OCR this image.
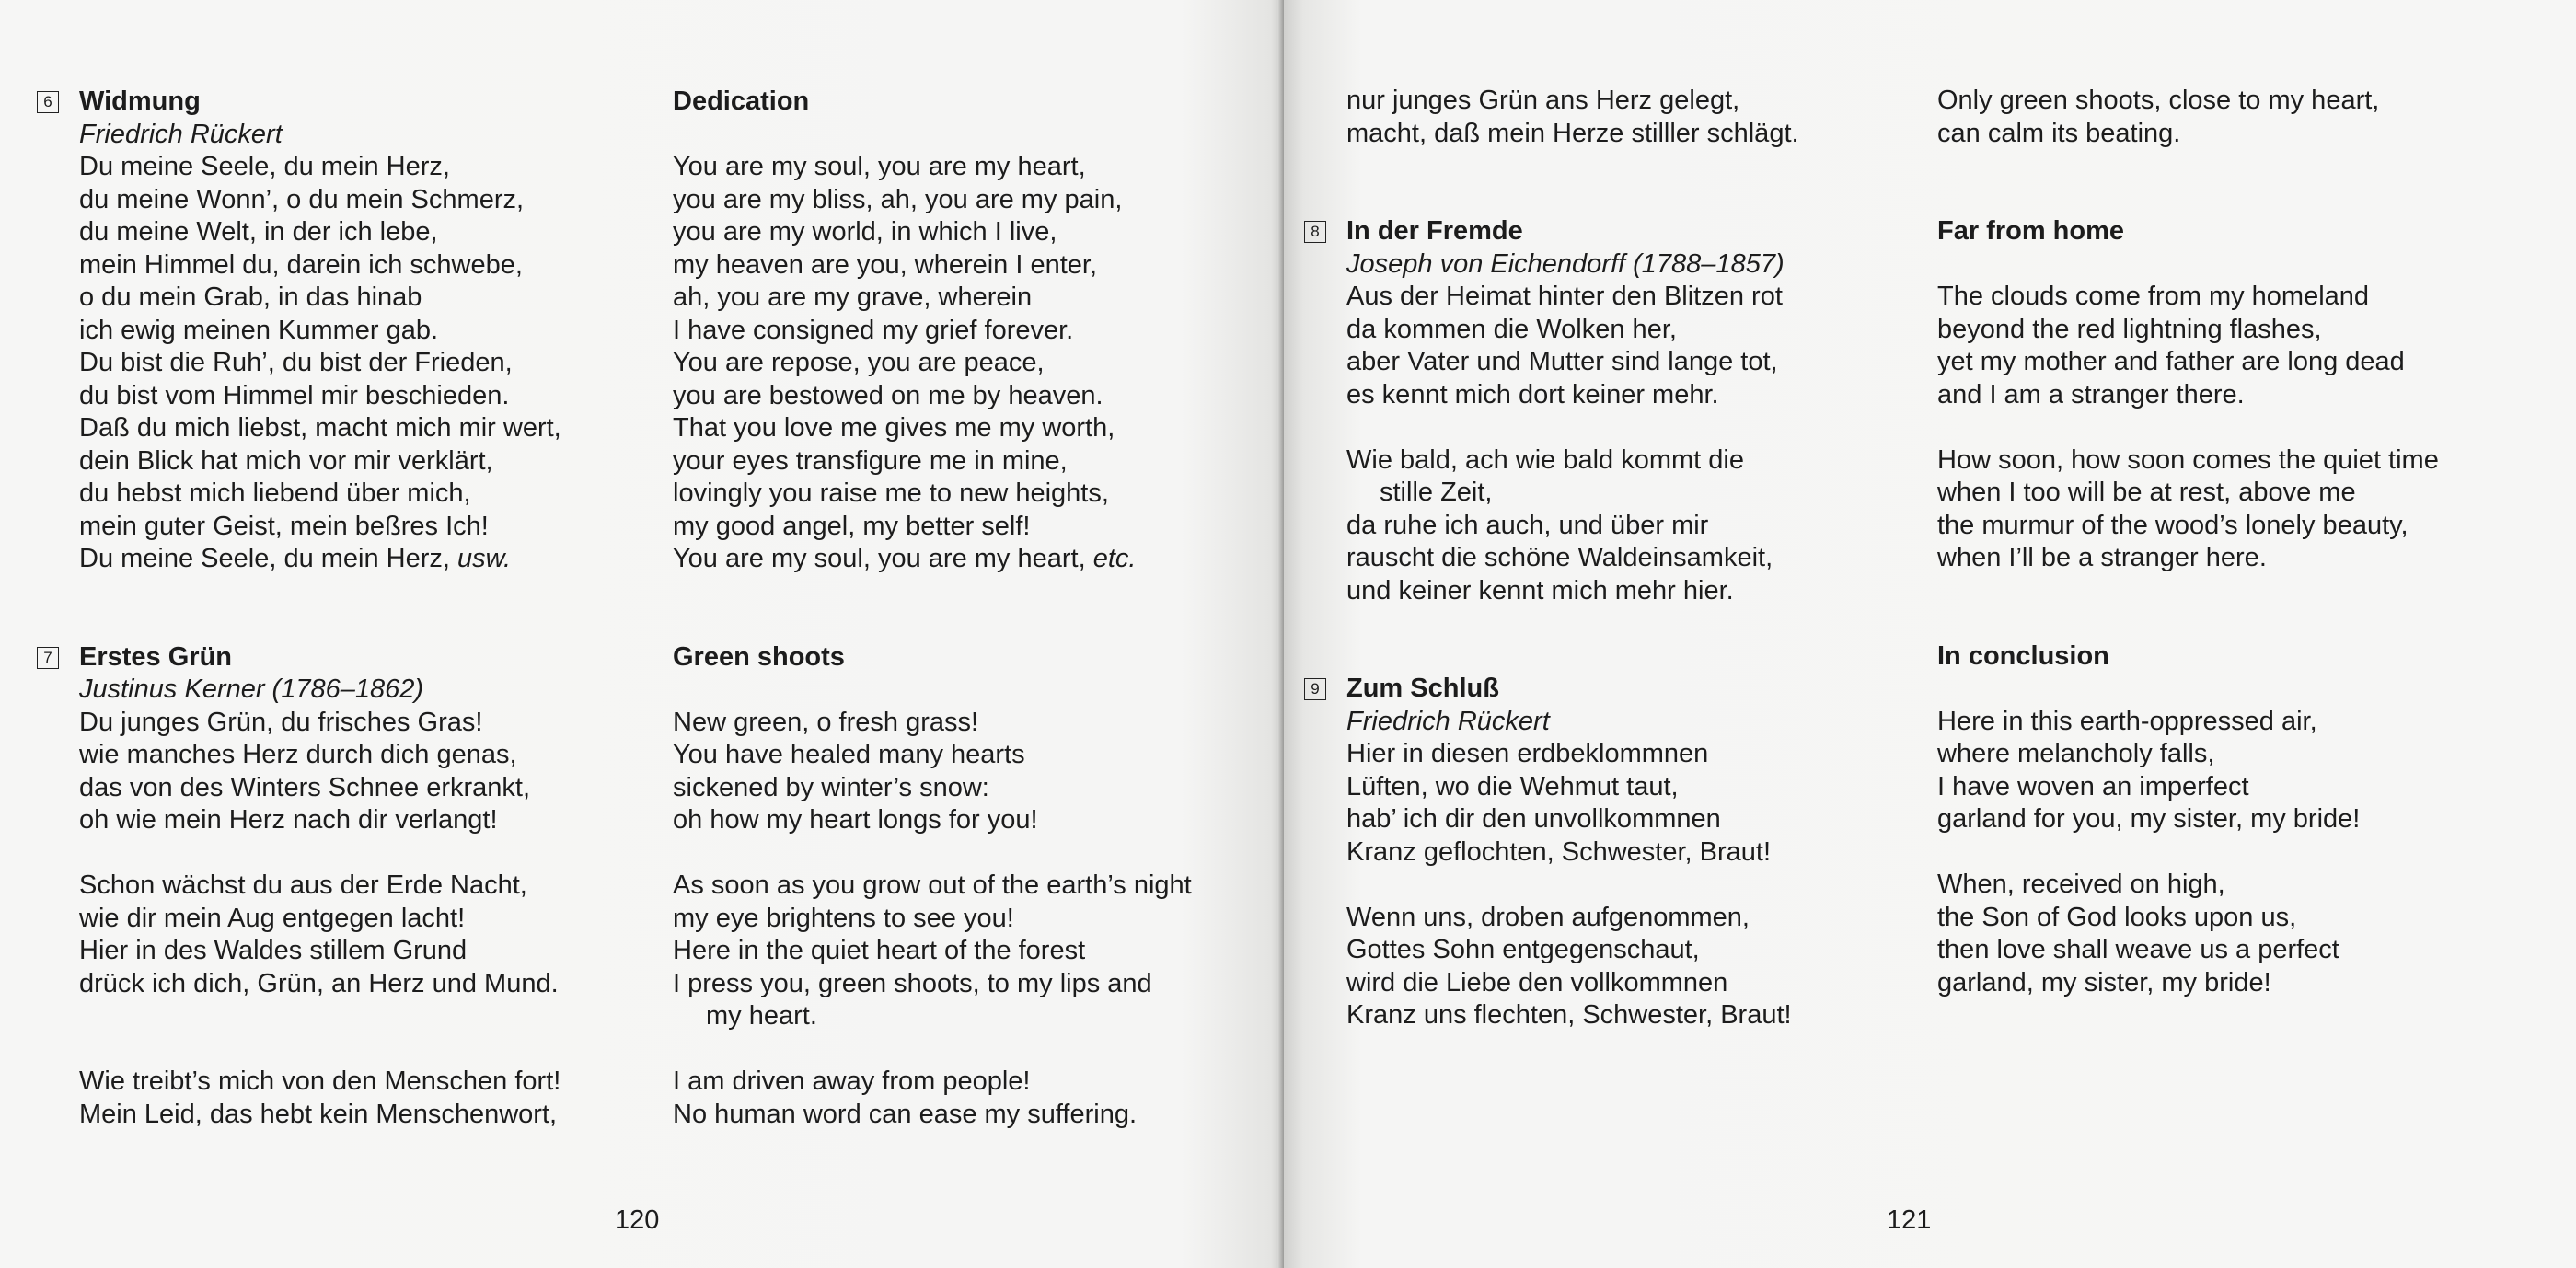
6 Widmung
Friedrich Rückert
Du meine Seele, du mein Herz,
du meine Wonn’, o du mein Schmerz,
du meine Welt, in der ich lebe,
mein Himmel du, darein ich schwebe,
o du mein Grab, in das hinab
ich ewig meinen Kummer gab.
Du bist die Ruh’, du bist der Frieden,
du bist vom Himmel mir beschieden.
Daß du mich liebst, macht mich mir wert,
dein Blick hat mich vor mir verklärt,
du hebst mich liebend über mich,
mein guter Geist, mein beßres Ich!
Du meine Seele, du mein Herz, usw.
7 Erstes Grün
Justinus Kerner (1786–1862)
Du junges Grün, du frisches Gras!
wie manches Herz durch dich genas,
das von des Winters Schnee erkrankt,
oh wie mein Herz nach dir verlangt!
Schon wächst du aus der Erde Nacht,
wie dir mein Aug entgegen lacht!
Hier in des Waldes stillem Grund
drück ich dich, Grün, an Herz und Mund.
Wie treibt’s mich von den Menschen fort!
Mein Leid, das hebt kein Menschenwort,
Dedication
You are my soul, you are my heart,
you are my bliss, ah, you are my pain,
you are my world, in which I live,
my heaven are you, wherein I enter,
ah, you are my grave, wherein
I have consigned my grief forever.
You are repose, you are peace,
you are bestowed on me by heaven.
That you love me gives me my worth,
your eyes transfigure me in mine,
lovingly you raise me to new heights,
my good angel, my better self!
You are my soul, you are my heart, etc.
Green shoots
New green, o fresh grass!
You have healed many hearts
sickened by winter’s snow:
oh how my heart longs for you!
As soon as you grow out of the earth’s night
my eye brightens to see you!
Here in the quiet heart of the forest
I press you, green shoots, to my lips and
my heart.
I am driven away from people!
No human word can ease my suffering.
120
nur junges Grün ans Herz gelegt,
macht, daß mein Herze stilller schlägt.
8 In der Fremde
Joseph von Eichendorff (1788–1857)
Aus der Heimat hinter den Blitzen rot
da kommen die Wolken her,
aber Vater und Mutter sind lange tot,
es kennt mich dort keiner mehr.
Wie bald, ach wie bald kommt die
stille Zeit,
da ruhe ich auch, und über mir
rauscht die schöne Waldeinsamkeit,
und keiner kennt mich mehr hier.
9 Zum Schluß
Friedrich Rückert
Hier in diesen erdbeklommnen
Lüften, wo die Wehmut taut,
hab’ ich dir den unvollkommnen
Kranz geflochten, Schwester, Braut!
Wenn uns, droben aufgenommen,
Gottes Sohn entgegenschaut,
wird die Liebe den vollkommnen
Kranz uns flechten, Schwester, Braut!
Only green shoots, close to my heart,
can calm its beating.
Far from home
The clouds come from my homeland
beyond the red lightning flashes,
yet my mother and father are long dead
and I am a stranger there.
How soon, how soon comes the quiet time
when I too will be at rest, above me
the murmur of the wood’s lonely beauty,
when I’ll be a stranger here.
In conclusion
Here in this earth-oppressed air,
where melancholy falls,
I have woven an imperfect
garland for you, my sister, my bride!
When, received on high,
the Son of God looks upon us,
then love shall weave us a perfect
garland, my sister, my bride!
121
